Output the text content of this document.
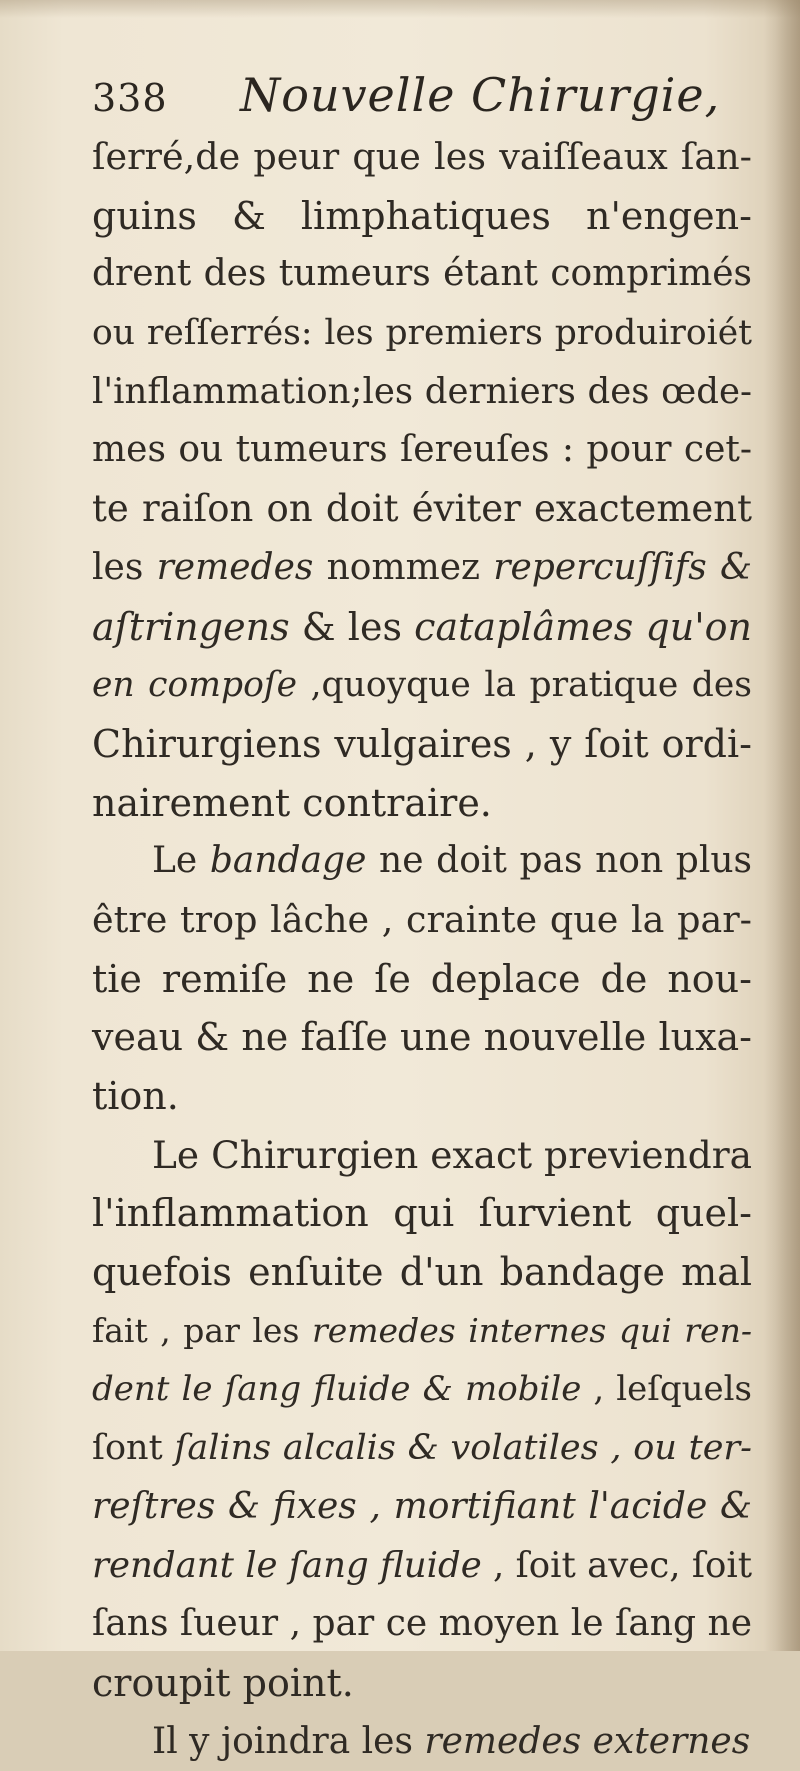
338 Nouvelle Chirurgie,
ſerré,de peur que les vaiſſeaux ſan-
guins & limphatiques n'engen-
drent des tumeurs étant comprimés
ou reſſerrés: les premiers produiroiét
l'inflammation;les derniers des œde-
mes ou tumeurs ſereuſes : pour cet-
te raiſon on doit éviter exactement
les remedes nommez repercuſſifs &
aſtringens & les cataplâmes qu'on
en compoſe ,quoyque la pratique des
Chirurgiens vulgaires , y ſoit ordi-
nairement contraire.
Le bandage ne doit pas non plus
être trop lâche , crainte que la par-
tie remiſe ne ſe deplace de nou-
veau & ne faſſe une nouvelle luxa-
tion.
Le Chirurgien exact previendra
l'inflammation qui ſurvient quel-
quefois enſuite d'un bandage mal
fait , par les remedes internes qui ren-
dent le ſang fluide & mobile , leſquels
ſont ſalins alcalis & volatiles , ou ter-
reſtres & fixes , mortifiant l'acide &
rendant le ſang fluide , ſoit avec, ſoit
ſans ſueur , par ce moyen le ſang ne
croupit point.
Il y joindra les remedes externes
